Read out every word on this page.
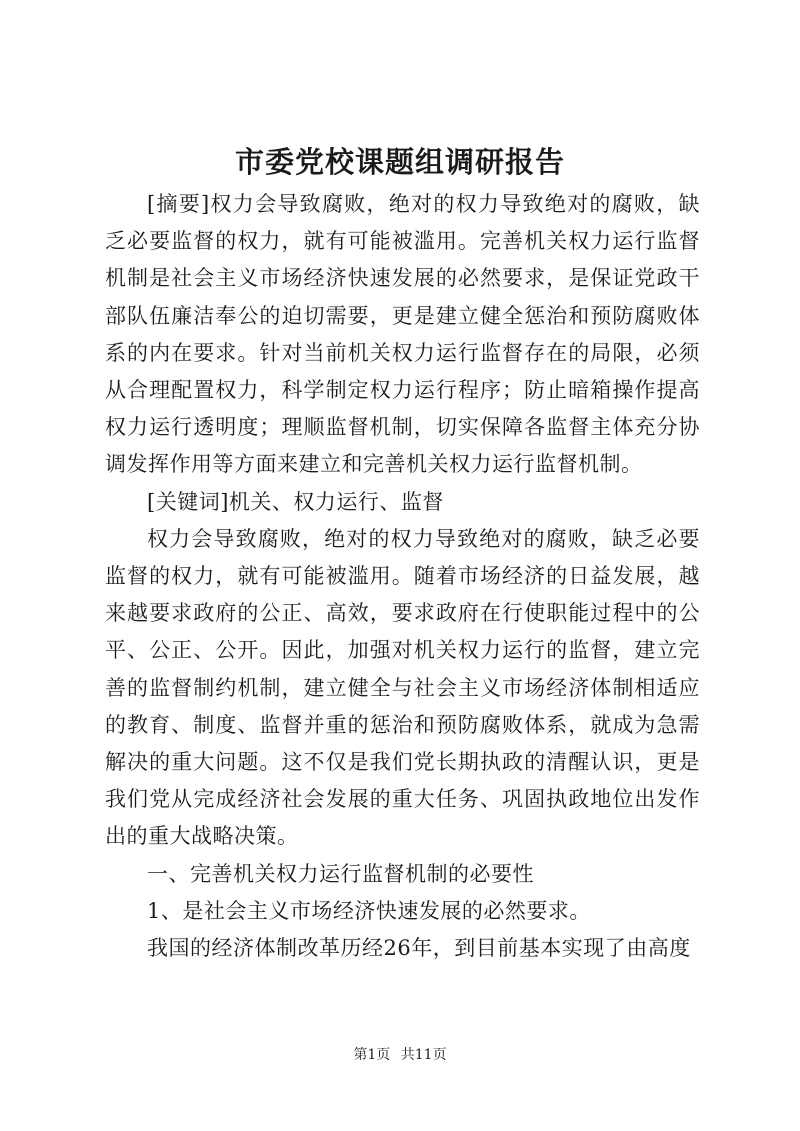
市委党校课题组调研报告

[摘要]权力会导致腐败，绝对的权力导致绝对的腐败，缺乏必要监督的权力，就有可能被滥用。完善机关权力运行监督机制是社会主义市场经济快速发展的必然要求，是保证党政干部队伍廉洁奉公的迫切需要，更是建立健全惩治和预防腐败体系的内在要求。针对当前机关权力运行监督存在的局限，必须从合理配置权力，科学制定权力运行程序；防止暗箱操作提高权力运行透明度；理顺监督机制，切实保障各监督主体充分协调发挥作用等方面来建立和完善机关权力运行监督机制。

[关键词]机关、权力运行、监督

权力会导致腐败，绝对的权力导致绝对的腐败，缺乏必要监督的权力，就有可能被滥用。随着市场经济的日益发展，越来越要求政府的公正、高效，要求政府在行使职能过程中的公平、公正、公开。因此，加强对机关权力运行的监督，建立完善的监督制约机制，建立健全与社会主义市场经济体制相适应的教育、制度、监督并重的惩治和预防腐败体系，就成为急需解决的重大问题。这不仅是我们党长期执政的清醒认识，更是我们党从完成经济社会发展的重大任务、巩固执政地位出发作出的重大战略决策。

一、完善机关权力运行监督机制的必要性

1、是社会主义市场经济快速发展的必然要求。

我国的经济体制改革历经26年，到目前基本实现了由高度

第1页 共11页
